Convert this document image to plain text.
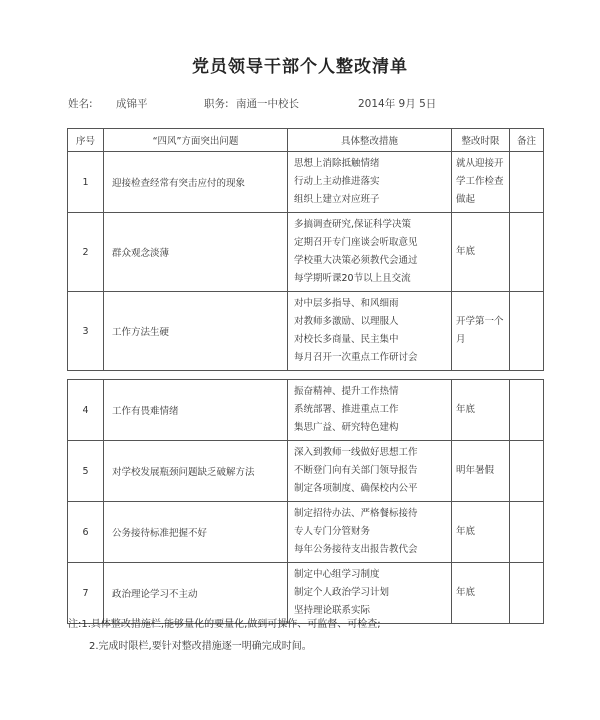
党员领导干部个人整改清单
姓名: 成锦平	职务: 南通一中校长	2014年 9月 5日
序号	“四风”方面突出问题	具体整改措施	整改时限	备注
1	迎接检查经常有突击应付的现象	思想上消除抵触情绪
行动上主动推进落实
组织上建立对应班子	就从迎接开学工作检查做起	
2	群众观念淡薄	多搞调查研究,保证科学决策
定期召开专门座谈会听取意见
学校重大决策必须教代会通过
每学期听课20节以上且交流	年底	
3	工作方法生硬	对中层多指导、和风细雨
对教师多激励、以理服人
对校长多商量、民主集中
每月召开一次重点工作研讨会	开学第一个月	

4	工作有畏难情绪	振奋精神、提升工作热情
系统部署、推进重点工作
集思广益、研究特色建构	年底	
5	对学校发展瓶颈问题缺乏破解方法	深入到教师一线做好思想工作
不断登门向有关部门领导报告
制定各项制度、确保校内公平	明年暑假	
6	公务接待标准把握不好	制定招待办法、严格餐标接待
专人专门分管财务
每年公务接待支出报告教代会	年底	
7	政治理论学习不主动	制定中心组学习制度
制定个人政治学习计划
坚持理论联系实际	年底	
注:1.具体整改措施栏,能够量化的要量化,做到可操作、可监督、可检查;
2.完成时限栏,要针对整改措施逐一明确完成时间。
